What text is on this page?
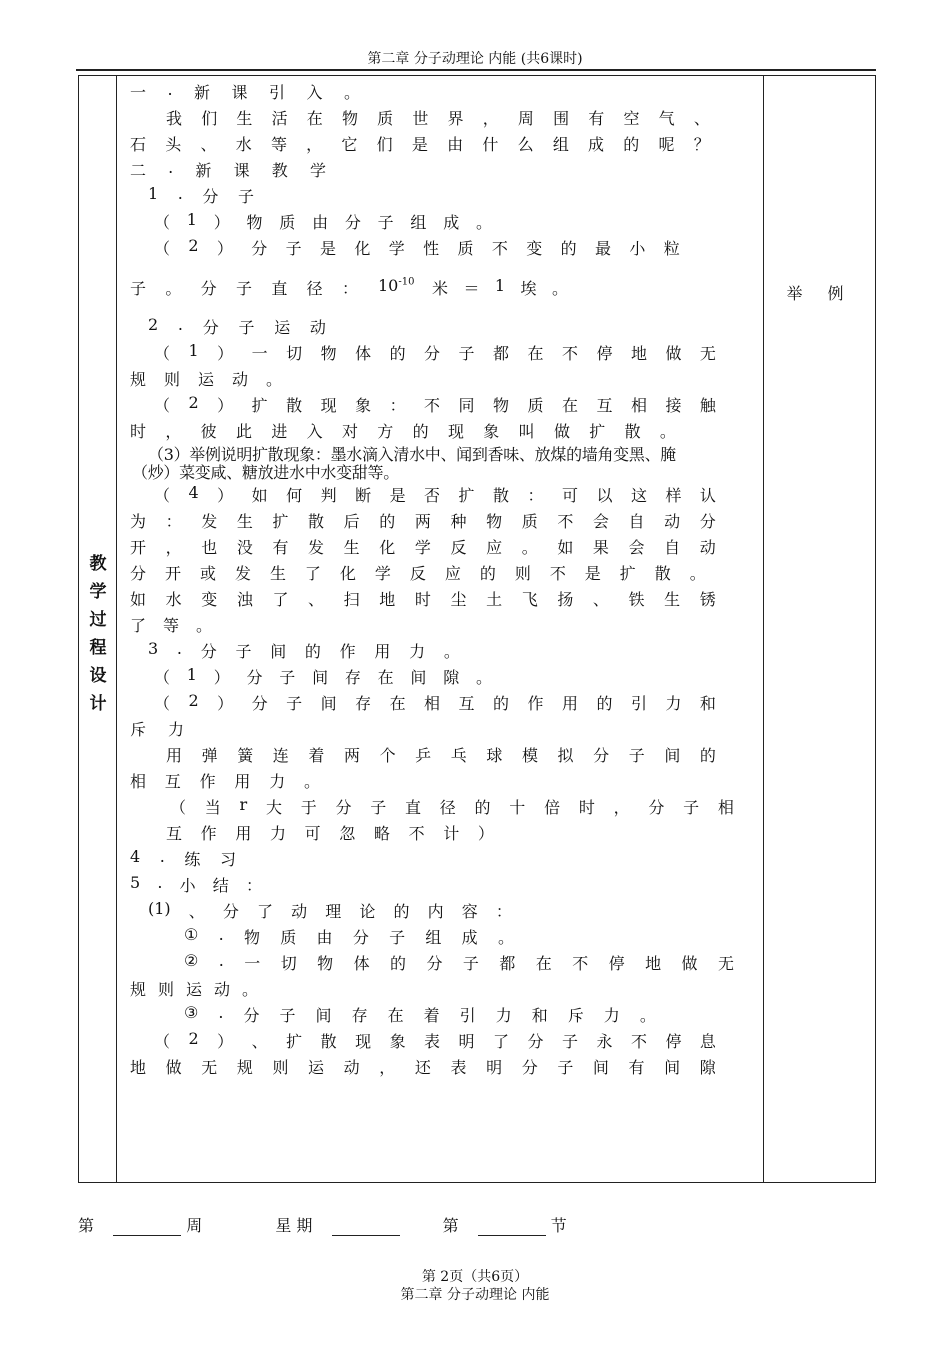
第二章 分子动理论 内能 (共6课时)
教
学
过
程
设
计
举 例
一 . 新 课 引 入 。
我 们 生 活 在 物 质 世 界 ， 周 围 有 空 气 、
石 头 、 水 等 ， 它 们 是 由 什 么 组 成 的 呢 ？
二 . 新 课 教 学
1 . 分 子
（ 1 ） 物 质 由 分 子 组 成 。
（ 2 ） 分 子 是 化 学 性 质 不 变 的 最 小 粒
子 。 分 子 直 径 ： $10^{-10}$ 米 ＝ 1 埃 。
2 . 分 子 运 动
（ 1 ） 一 切 物 体 的 分 子 都 在 不 停 地 做 无
规 则 运 动 。
（ 2 ） 扩 散 现 象 ： 不 同 物 质 在 互 相 接 触
时 ， 彼 此 进 入 对 方 的 现 象 叫 做 扩 散 。
（3）举例说明扩散现象：墨水滴入清水中、闻到香味、放煤的墙角变黑、腌
（炒）菜变咸、糖放进水中水变甜等。
（ 4 ） 如 何 判 断 是 否 扩 散 ： 可 以 这 样 认
为 ： 发 生 扩 散 后 的 两 种 物 质 不 会 自 动 分
开 ， 也 没 有 发 生 化 学 反 应 。 如 果 会 自 动
分 开 或 发 生 了 化 学 反 应 的 则 不 是 扩 散 。
如 水 变 浊 了 、 扫 地 时 尘 土 飞 扬 、 铁 生 锈
了 等 。
3 . 分 子 间 的 作 用 力 。
（ 1 ） 分 子 间 存 在 间 隙 。
（ 2 ） 分 子 间 存 在 相 互 的 作 用 的 引 力 和
斥 力
用 弹 簧 连 着 两 个 乒 乓 球 模 拟 分 子 间 的
相 互 作 用 力 。
（ 当 r 大 于 分 子 直 径 的 十 倍 时 ， 分 子 相
互 作 用 力 可 忽 略 不 计 ）
4 . 练 习
5 . 小 结 ：
(1) 、 分 了 动 理 论 的 内 容 ：
① . 物 质 由 分 子 组 成 。
② . 一 切 物 体 的 分 子 都 在 不 停 地 做 无
规 则 运 动 。
③ . 分 子 间 存 在 着 引 力 和 斥 力 。
（ 2 ） 、 扩 散 现 象 表 明 了 分 子 永 不 停 息
地 做 无 规 则 运 动 ， 还 表 明 分 子 间 有 间 隙
第	周	星 期	第	节
第 2页（共6页）
第二章 分子动理论 内能
